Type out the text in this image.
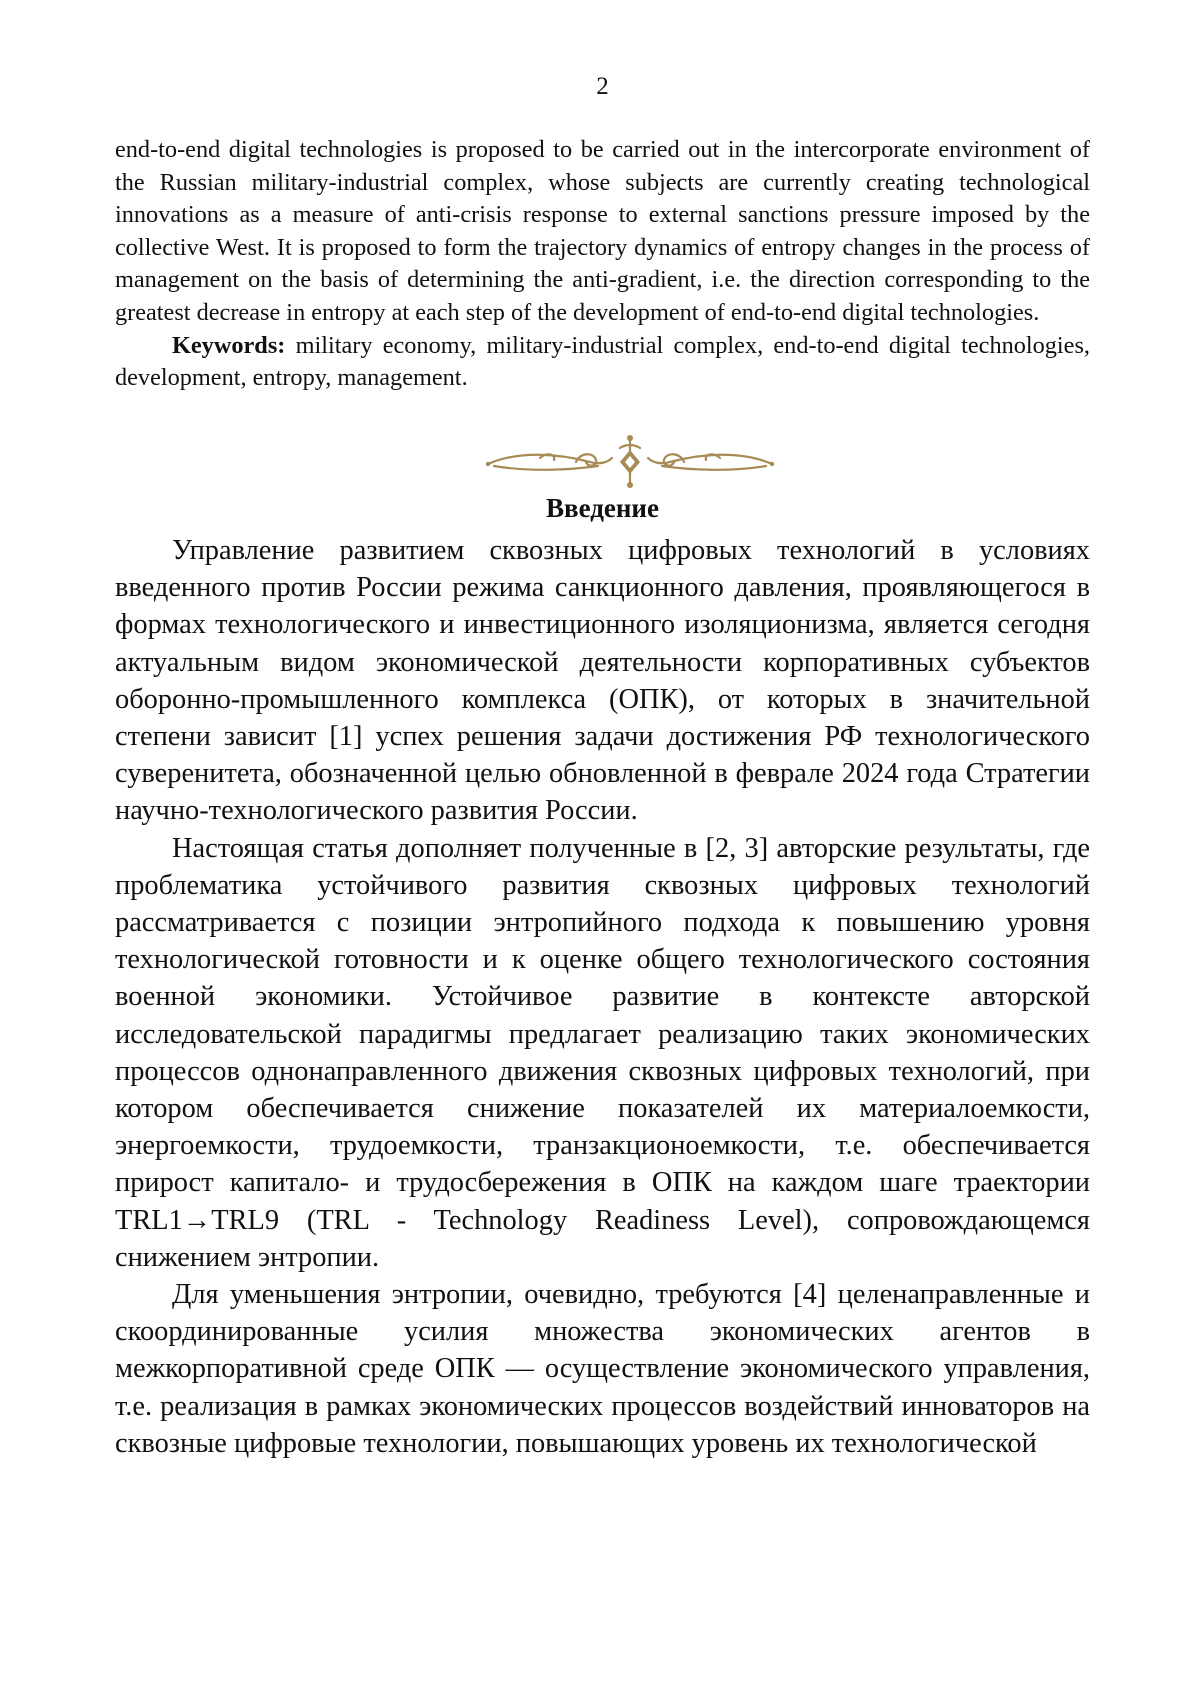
2

end-to-end digital technologies is proposed to be carried out in the intercorporate environment of the Russian military-industrial complex, whose subjects are currently creating technological innovations as a measure of anti-crisis response to external sanctions pressure imposed by the collective West. It is proposed to form the trajectory dynamics of entropy changes in the process of management on the basis of determining the anti-gradient, i.e. the direction corresponding to the greatest decrease in entropy at each step of the development of end-to-end digital technologies.

Keywords: military economy, military-industrial complex, end-to-end digital technologies, development, entropy, management.

Введение

Управление развитием сквозных цифровых технологий в условиях введенного против России режима санкционного давления, проявляющегося в формах технологического и инвестиционного изоляционизма, является сегодня актуальным видом экономической деятельности корпоративных субъектов оборонно-промышленного комплекса (ОПК), от которых в значительной степени зависит [1] успех решения задачи достижения РФ технологического суверенитета, обозначенной целью обновленной в феврале 2024 года Стратегии научно-технологического развития России.

Настоящая статья дополняет полученные в [2, 3] авторские результаты, где проблематика устойчивого развития сквозных цифровых технологий рассматривается с позиции энтропийного подхода к повышению уровня технологической готовности и к оценке общего технологического состояния военной экономики. Устойчивое развитие в контексте авторской исследовательской парадигмы предлагает реализацию таких экономических процессов однонаправленного движения сквозных цифровых технологий, при котором обеспечивается снижение показателей их материалоемкости, энергоемкости, трудоемкости, транзакционоемкости, т.е. обеспечивается прирост капитало- и трудосбережения в ОПК на каждом шаге траектории TRL1→TRL9 (TRL - Technology Readiness Level), сопровождающемся снижением энтропии.

Для уменьшения энтропии, очевидно, требуются [4] целенаправленные и скоординированные усилия множества экономических агентов в межкорпоративной среде ОПК — осуществление экономического управления, т.е. реализация в рамках экономических процессов воздействий инноваторов на сквозные цифровые технологии, повышающих уровень их технологической
